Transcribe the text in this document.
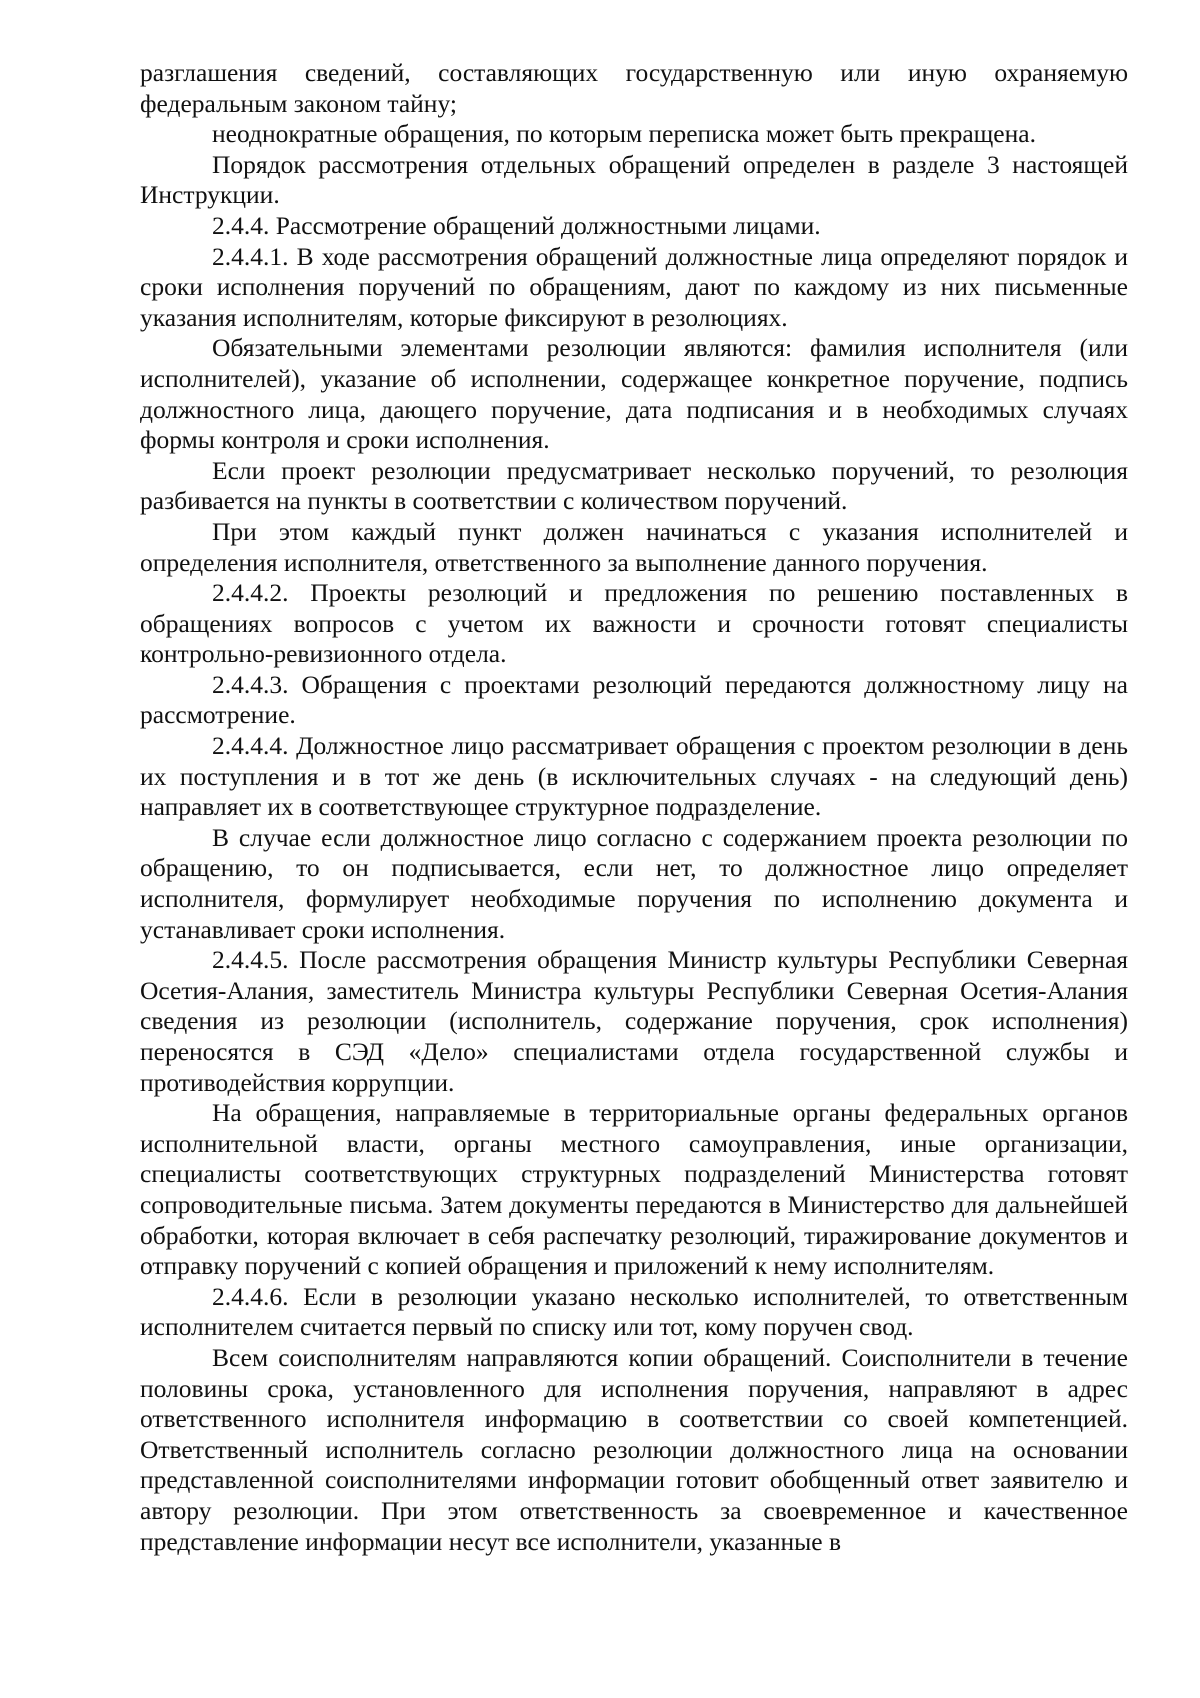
разглашения сведений, составляющих государственную или иную охраняемую федеральным законом тайну;

неоднократные обращения, по которым переписка может быть прекращена.

Порядок рассмотрения отдельных обращений определен в разделе 3 настоящей Инструкции.

2.4.4. Рассмотрение обращений должностными лицами.

2.4.4.1. В ходе рассмотрения обращений должностные лица определяют порядок и сроки исполнения поручений по обращениям, дают по каждому из них письменные указания исполнителям, которые фиксируют в резолюциях.

Обязательными элементами резолюции являются: фамилия исполнителя (или исполнителей), указание об исполнении, содержащее конкретное поручение, подпись должностного лица, дающего поручение, дата подписания и в необходимых случаях формы контроля и сроки исполнения.

Если проект резолюции предусматривает несколько поручений, то резолюция разбивается на пункты в соответствии с количеством поручений.

При этом каждый пункт должен начинаться с указания исполнителей и определения исполнителя, ответственного за выполнение данного поручения.

2.4.4.2. Проекты резолюций и предложения по решению поставленных в обращениях вопросов с учетом их важности и срочности готовят специалисты контрольно-ревизионного отдела.

2.4.4.3. Обращения с проектами резолюций передаются должностному лицу на рассмотрение.

2.4.4.4. Должностное лицо рассматривает обращения с проектом резолюции в день их поступления и в тот же день (в исключительных случаях - на следующий день) направляет их в соответствующее структурное подразделение.

В случае если должностное лицо согласно с содержанием проекта резолюции по обращению, то он подписывается, если нет, то должностное лицо определяет исполнителя, формулирует необходимые поручения по исполнению документа и устанавливает сроки исполнения.

2.4.4.5. После рассмотрения обращения Министр культуры Республики Северная Осетия-Алания, заместитель Министра культуры Республики Северная Осетия-Алания сведения из резолюции (исполнитель, содержание поручения, срок исполнения) переносятся в СЭД «Дело» специалистами отдела государственной службы и противодействия коррупции.

На обращения, направляемые в территориальные органы федеральных органов исполнительной власти, органы местного самоуправления, иные организации, специалисты соответствующих структурных подразделений Министерства готовят сопроводительные письма. Затем документы передаются в Министерство для дальнейшей обработки, которая включает в себя распечатку резолюций, тиражирование документов и отправку поручений с копией обращения и приложений к нему исполнителям.

2.4.4.6. Если в резолюции указано несколько исполнителей, то ответственным исполнителем считается первый по списку или тот, кому поручен свод.

Всем соисполнителям направляются копии обращений. Соисполнители в течение половины срока, установленного для исполнения поручения, направляют в адрес ответственного исполнителя информацию в соответствии со своей компетенцией. Ответственный исполнитель согласно резолюции должностного лица на основании представленной соисполнителями информации готовит обобщенный ответ заявителю и автору резолюции. При этом ответственность за своевременное и качественное представление информации несут все исполнители, указанные в
